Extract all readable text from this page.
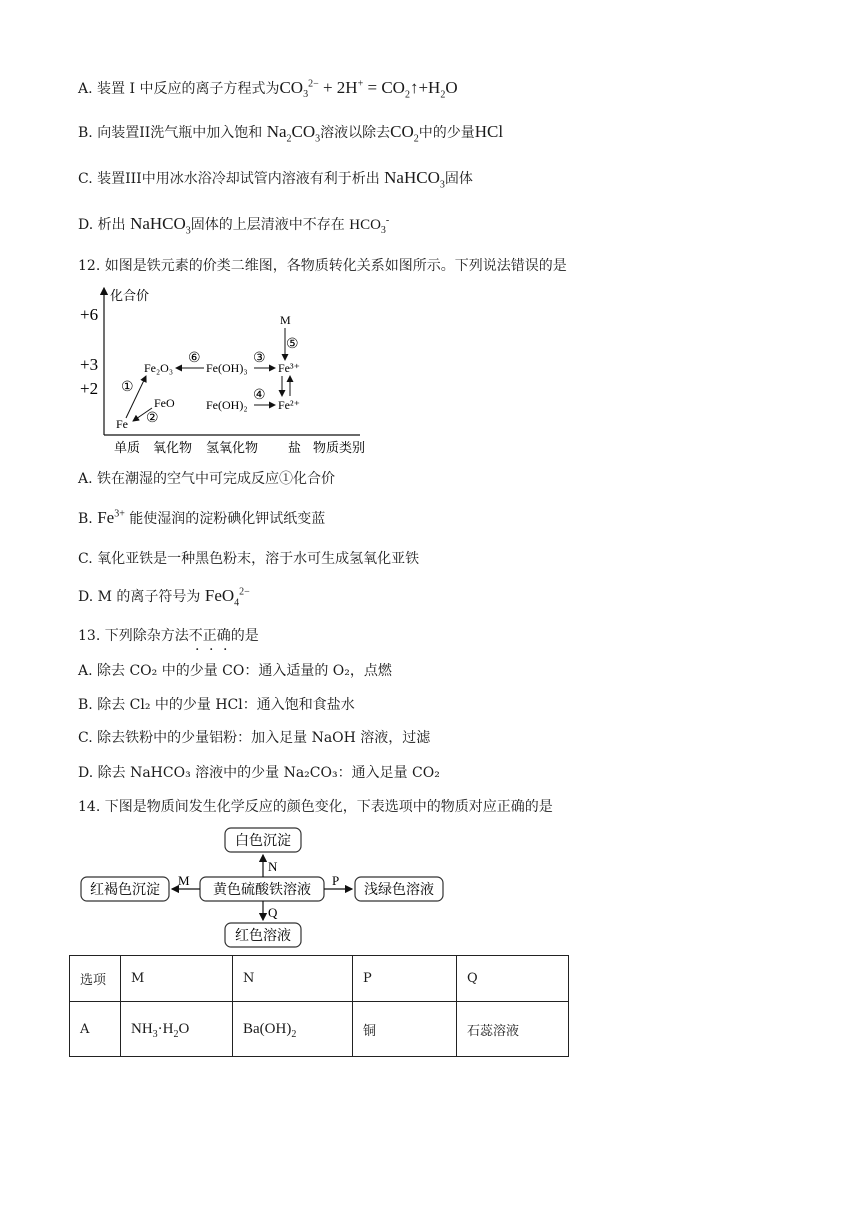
A. 装置 I 中反应的离子方程式为$CO_3^{2-} + 2H^+$ = $CO_2↑+H_2O$
B. 向装置II洗气瓶中加入饱和 $Na_2CO_3$溶液以除去$CO_2$中的少量HCl
C. 装置III中用冰水浴冷却试管内溶液有利于析出 NaHCO$_3$固体
D. 析出 NaHCO$_3$固体的上层清液中不存在 $HCO_3^-$
12. 如图是铁元素的价类二维图，各物质转化关系如图所示。下列说法错误的是
化合价
+6
+3
+2
单质 氧化物 氢氧化物 盐 物质类别
M
Fe₂O₃	Fe(OH)₃	Fe³⁺
Fe(OH)₂	Fe²⁺
FeO
Fe
①
②
⑥	③
④
⑤
A. 铁在潮湿的空气中可完成反应①化合价
B. $Fe^{3+}$ 能使湿润的淀粉碘化钾试纸变蓝
C. 氧化亚铁是一种黑色粉末，溶于水可生成氢氧化亚铁
D. M 的离子符号为 FeO$_4^{2-}$
13. 下列除杂方法不正确的是
A. 除去 CO₂ 中的少量 CO：通入适量的 O₂，点燃
B. 除去 Cl₂ 中的少量 HCl：通入饱和食盐水
C. 除去铁粉中的少量铝粉：加入足量 NaOH 溶液，过滤
D. 除去 NaHCO₃ 溶液中的少量 Na₂CO₃：通入足量 CO₂
14. 下图是物质间发生化学反应的颜色变化，下表选项中的物质对应正确的是
白色沉淀
黄色硫酸铁溶液
红褐色沉淀	浅绿色溶液
红色溶液
N
M	P
Q
选项	M	N	P	Q
A	$NH_3\cdot H_2O$	$Ba(OH)_2$	铜	石蕊溶液
